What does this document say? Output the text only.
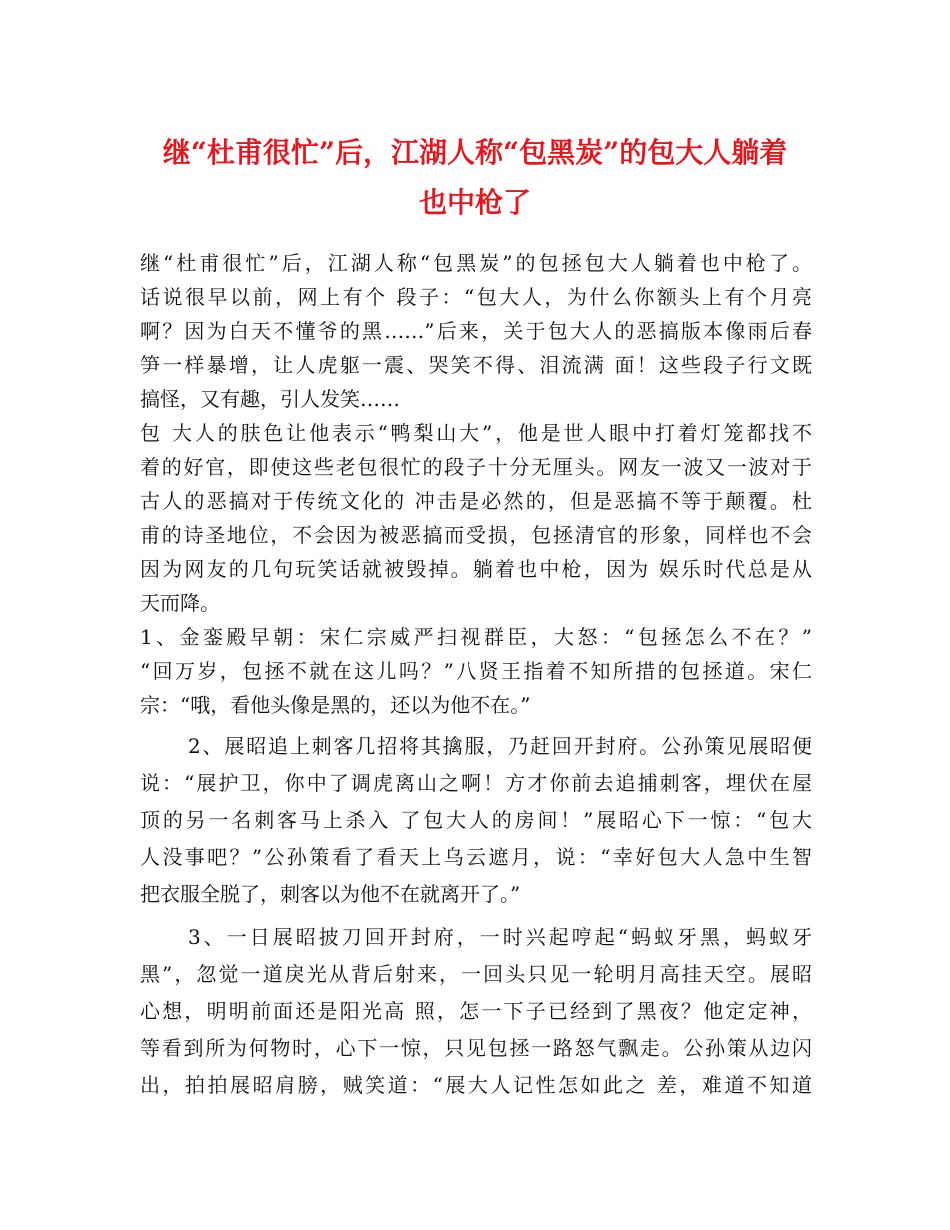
继“杜甫很忙”后，江湖人称“包黑炭”的包大人躺着
也中枪了

继“杜甫很忙”后，江湖人称“包黑炭”的包拯包大人躺着也中枪了。
话说很早以前，网上有个 段子：“包大人，为什么你额头上有个月亮
啊？因为白天不懂爷的黑……”后来，关于包大人的恶搞版本像雨后春
笋一样暴增，让人虎躯一震、哭笑不得、泪流满 面！这些段子行文既
搞怪，又有趣，引人发笑……

包 大人的肤色让他表示“鸭梨山大”，他是世人眼中打着灯笼都找不
着的好官，即使这些老包很忙的段子十分无厘头。网友一波又一波对于
古人的恶搞对于传统文化的 冲击是必然的，但是恶搞不等于颠覆。杜
甫的诗圣地位，不会因为被恶搞而受损，包拯清官的形象，同样也不会
因为网友的几句玩笑话就被毁掉。躺着也中枪，因为 娱乐时代总是从
天而降。

1、金銮殿早朝：宋仁宗威严扫视群臣，大怒：“包拯怎么不在？”
“回万岁，包拯不就在这儿吗？”八贤王指着不知所措的包拯道。宋仁
宗：“哦，看他头像是黑的，还以为他不在。”

2、展昭追上刺客几招将其擒服，乃赶回开封府。公孙策见展昭便
说：“展护卫，你中了调虎离山之啊！方才你前去追捕刺客，埋伏在屋
顶的另一名刺客马上杀入 了包大人的房间！”展昭心下一惊：“包大
人没事吧？”公孙策看了看天上乌云遮月，说：“幸好包大人急中生智
把衣服全脱了，刺客以为他不在就离开了。”

3、一日展昭披刀回开封府，一时兴起哼起“蚂蚁牙黑，蚂蚁牙
黑”，忽觉一道戾光从背后射来，一回头只见一轮明月高挂天空。展昭
心想，明明前面还是阳光高 照，怎一下子已经到了黑夜？他定定神，
等看到所为何物时，心下一惊，只见包拯一路怒气飘走。公孙策从边闪
出，拍拍展昭肩膀，贼笑道：“展大人记性怎如此之 差，难道不知道
